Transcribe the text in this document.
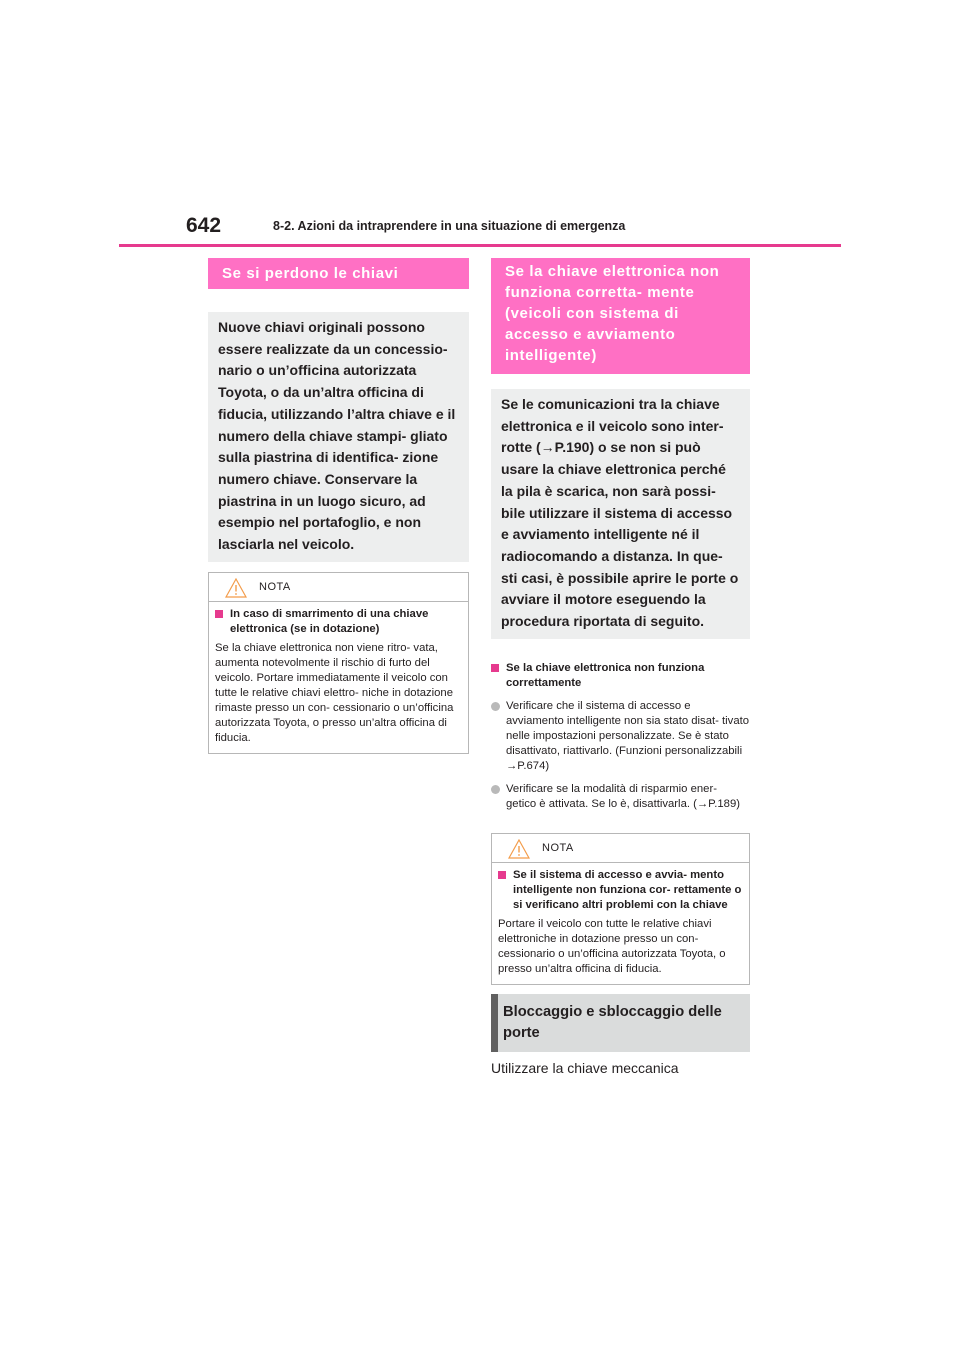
642	8-2. Azioni da intraprendere in una situazione di emergenza
Se si perdono le chiavi
Nuove chiavi originali possono essere realizzate da un concessio- nario o un’officina autorizzata Toyota, o da un’altra officina di fiducia, utilizzando l’altra chiave e il numero della chiave stampi- gliato sulla piastrina di identifica- zione numero chiave. Conservare la piastrina in un luogo sicuro, ad esempio nel portafoglio, e non lasciarla nel veicolo.
NOTA
In caso di smarrimento di una chiave elettronica (se in dotazione)
Se la chiave elettronica non viene ritro- vata, aumenta notevolmente il rischio di furto del veicolo. Portare immediatamente il veicolo con tutte le relative chiavi elettro- niche in dotazione rimaste presso un con- cessionario o un’officina autorizzata Toyota, o presso un’altra officina di fiducia.
Se la chiave elettronica non funziona corretta- mente (veicoli con sistema di accesso e avviamento intelligente)
Se le comunicazioni tra la chiave elettronica e il veicolo sono inter- rotte (→P.190) o se non si può usare la chiave elettronica perché la pila è scarica, non sarà possi- bile utilizzare il sistema di accesso e avviamento intelligente né il radiocomando a distanza. In que- sti casi, è possibile aprire le porte o avviare il motore eseguendo la procedura riportata di seguito.
Se la chiave elettronica non funziona correttamente
Verificare che il sistema di accesso e avviamento intelligente non sia stato disat- tivato nelle impostazioni personalizzate. Se è stato disattivato, riattivarlo. (Funzioni personalizzabili →P.674)
Verificare se la modalità di risparmio ener- getico è attivata. Se lo è, disattivarla. (→P.189)
NOTA
Se il sistema di accesso e avvia- mento intelligente non funziona cor- rettamente o si verificano altri problemi con la chiave
Portare il veicolo con tutte le relative chiavi elettroniche in dotazione presso un con- cessionario o un’officina autorizzata Toyota, o presso un’altra officina di fiducia.
Bloccaggio e sbloccaggio delle porte
Utilizzare la chiave meccanica
